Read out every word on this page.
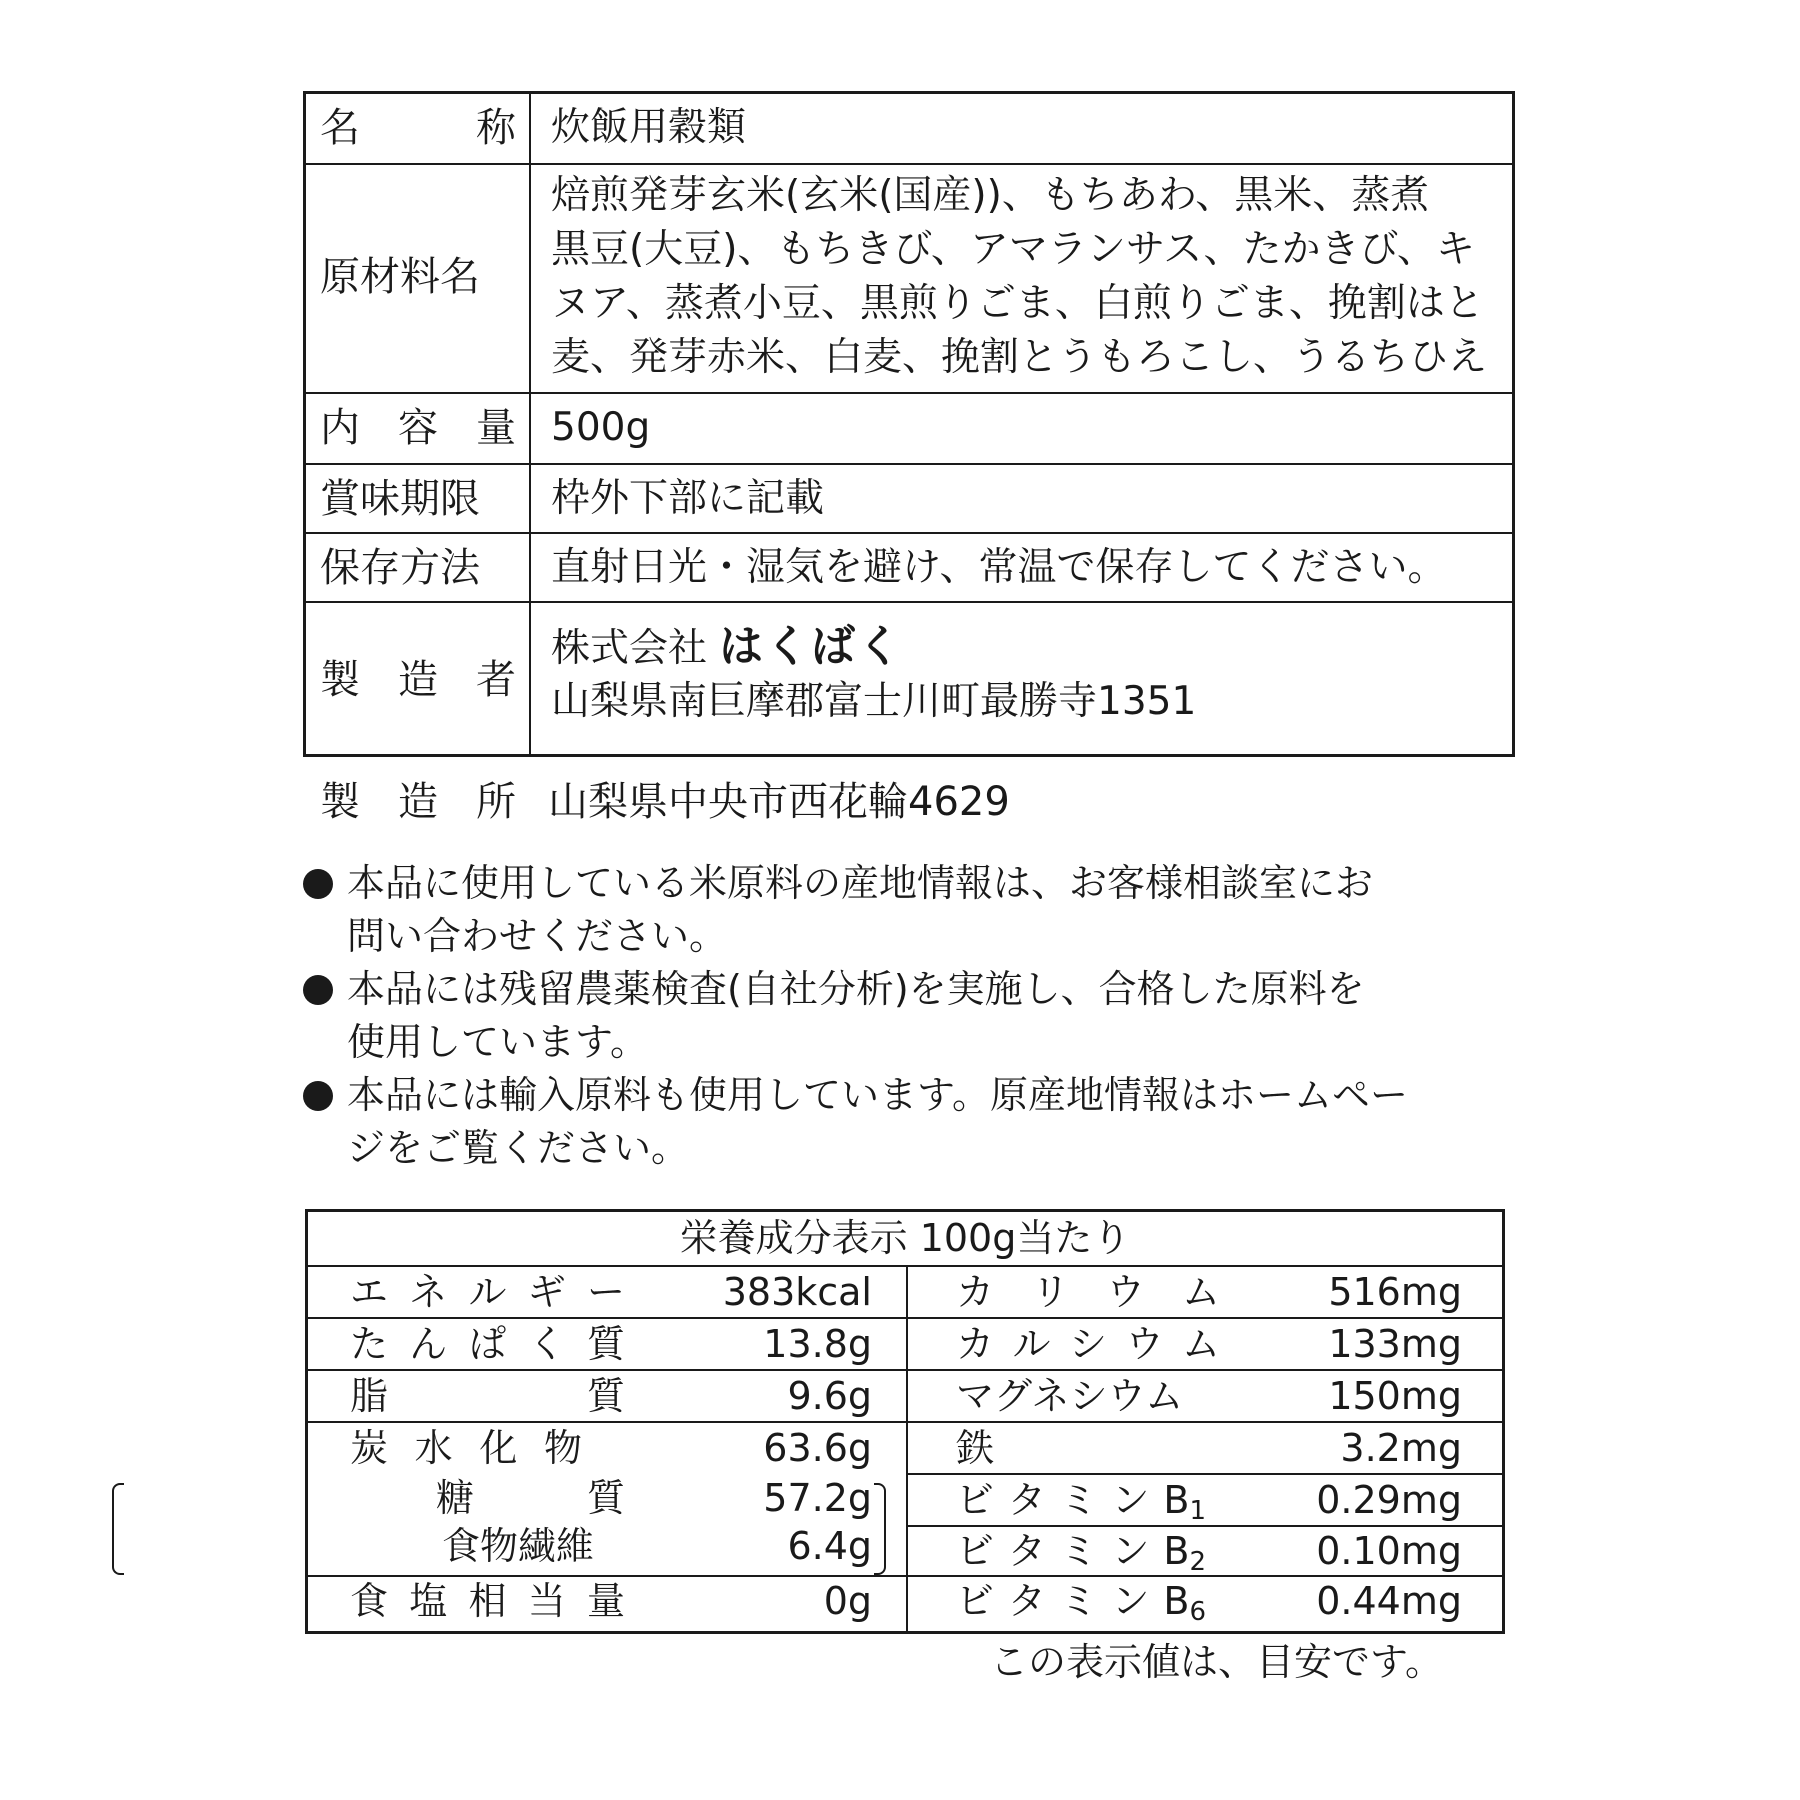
名	称 炊飯用穀類
原材料名
焙煎発芽玄米(玄米(国産))、もちあわ、黒米、蒸煮
黒豆(大豆)、もちきび、アマランサス、たかきび、キ
ヌア、蒸煮小豆、黒煎りごま、白煎りごま、挽割はと
麦、発芽赤米、白麦、挽割とうもろこし、うるちひえ
内 容 量 500g
賞味期限	枠外下部に記載
保存方法	直射日光・湿気を避け、常温で保存してください。
製 造 者
株式会社 はくばく
山梨県南巨摩郡富士川町最勝寺1351
製 造 所 山梨県中央市西花輪4629
本品に使用している米原料の産地情報は、お客様相談室にお
問い合わせください。
本品には残留農薬検査(自社分析)を実施し、合格した原料を
使用しています。
本品には輸入原料も使用しています。原産地情報はホームペー
ジをご覧ください。
栄養成分表示 100g当たり
エ ネ ル ギ ー	383kcal
た ん ぱ く 質	13.8g
脂	質	9.6g
炭 水 化 物	63.6g
糖	質	57.2g
食物繊維	6.4g
食 塩 相 当 量	0g
カ リ ウ ム	516mg
カ ル シ ウ ム	133mg
マグネシウム	150mg
鉄	3.2mg
ビ タ ミ ン $B_1$	0.29mg
ビ タ ミ ン $B_2$	0.10mg
ビ タ ミ ン $B_6$	0.44mg
この表示値は、目安です。
